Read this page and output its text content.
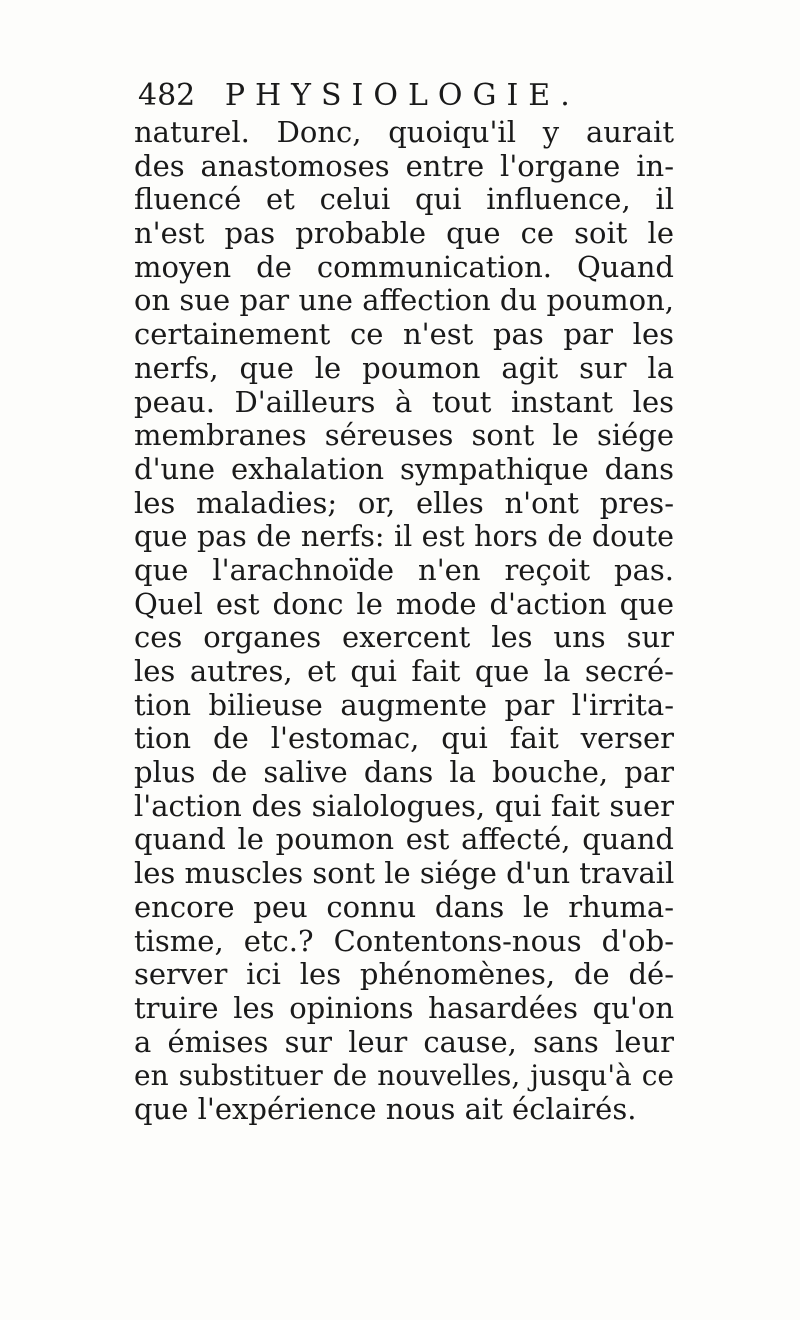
482 PHYSIOLOGIE.
naturel. Donc, quoiqu'il y aurait
des anastomoses entre l'organe in-
fluencé et celui qui influence, il
n'est pas probable que ce soit le
moyen de communication. Quand
on sue par une affection du poumon,
certainement ce n'est pas par les
nerfs, que le poumon agit sur la
peau. D'ailleurs à tout instant les
membranes séreuses sont le siége
d'une exhalation sympathique dans
les maladies; or, elles n'ont pres-
que pas de nerfs: il est hors de doute
que l'arachnoïde n'en reçoit pas.
Quel est donc le mode d'action que
ces organes exercent les uns sur
les autres, et qui fait que la secré-
tion bilieuse augmente par l'irrita-
tion de l'estomac, qui fait verser
plus de salive dans la bouche, par
l'action des sialologues, qui fait suer
quand le poumon est affecté, quand
les muscles sont le siége d'un travail
encore peu connu dans le rhuma-
tisme, etc.? Contentons-nous d'ob-
server ici les phénomènes, de dé-
truire les opinions hasardées qu'on
a émises sur leur cause, sans leur
en substituer de nouvelles, jusqu'à ce
que l'expérience nous ait éclairés.
